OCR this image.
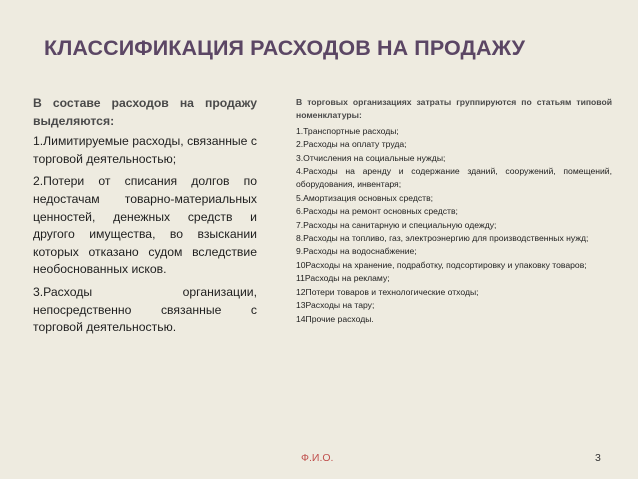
КЛАССИФИКАЦИЯ РАСХОДОВ НА ПРОДАЖУ

В составе расходов на продажу выделяются:

1.Лимитируемые расходы, связанные с торговой деятельностью;

2.Потери от списания долгов по недостачам товарно-материальных ценностей, денежных средств и другого имущества, во взыскании которых отказано судом вследствие необоснованных исков.

3.Расходы организации, непосредственно связанные с торговой деятельностью.

В торговых организациях затраты группируются по статьям типовой номенклатуры:

1.Транспортные расходы;
2.Расходы на оплату труда;
3.Отчисления на социальные нужды;
4.Расходы на аренду и содержание зданий, сооружений, помещений, оборудования, инвентаря;
5.Амортизация основных средств;
6.Расходы на ремонт основных средств;
7.Расходы на санитарную и специальную одежду;
8.Расходы на топливо, газ, электроэнергию для производственных нужд;
9.Расходы на водоснабжение;
10Расходы на хранение, подработку, подсортировку и упаковку товаров;
11Расходы на рекламу;
12Потери товаров и технологические отходы;
13Расходы на тару;
14Прочие расходы.
Ф.И.О.	3
